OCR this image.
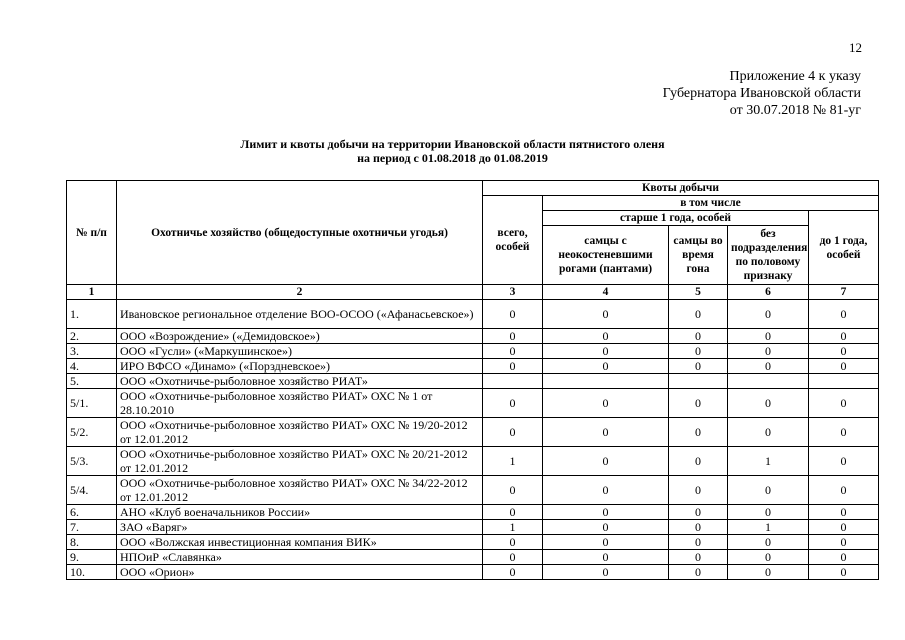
12
Приложение 4 к указу
Губернатора Ивановской области
от 30.07.2018 № 81-уг
Лимит и квоты добычи на территории Ивановской области пятнистого оленя
на период с 01.08.2018 до 01.08.2019
№ п/п	Охотничье хозяйство (общедоступные охотничьи угодья)	Квоты добычи				
		всего, особей	в том числе			
			старше 1 года, особей			до 1 года, особей
			самцы с неокостеневшими рогами (пантами)	самцы во время гона	без подразделения по половому признаку	
1	2	3	4	5	6	7
1.	Ивановское региональное отделение ВОО-ОСОО («Афанасьевское»)	0	0	0	0	0
2.	ООО «Возрождение» («Демидовское»)	0	0	0	0	0
3.	ООО «Гусли» («Маркушинское»)	0	0	0	0	0
4.	ИРО ВФСО «Динамо» («Порздневское»)	0	0	0	0	0
5.	ООО «Охотничье-рыболовное хозяйство РИАТ»					
5/1.	ООО «Охотничье-рыболовное хозяйство РИАТ» ОХС № 1 от 28.10.2010	0	0	0	0	0
5/2.	ООО «Охотничье-рыболовное хозяйство РИАТ» ОХС № 19/20-2012 от 12.01.2012	0	0	0	0	0
5/3.	ООО «Охотничье-рыболовное хозяйство РИАТ» ОХС № 20/21-2012 от 12.01.2012	1	0	0	1	0
5/4.	ООО «Охотничье-рыболовное хозяйство РИАТ» ОХС № 34/22-2012 от 12.01.2012	0	0	0	0	0
6.	АНО «Клуб военачальников России»	0	0	0	0	0
7.	ЗАО «Варяг»	1	0	0	1	0
8.	ООО «Волжская инвестиционная компания ВИК»	0	0	0	0	0
9.	НПОиР «Славянка»	0	0	0	0	0
10.	ООО «Орион»	0	0	0	0	0
